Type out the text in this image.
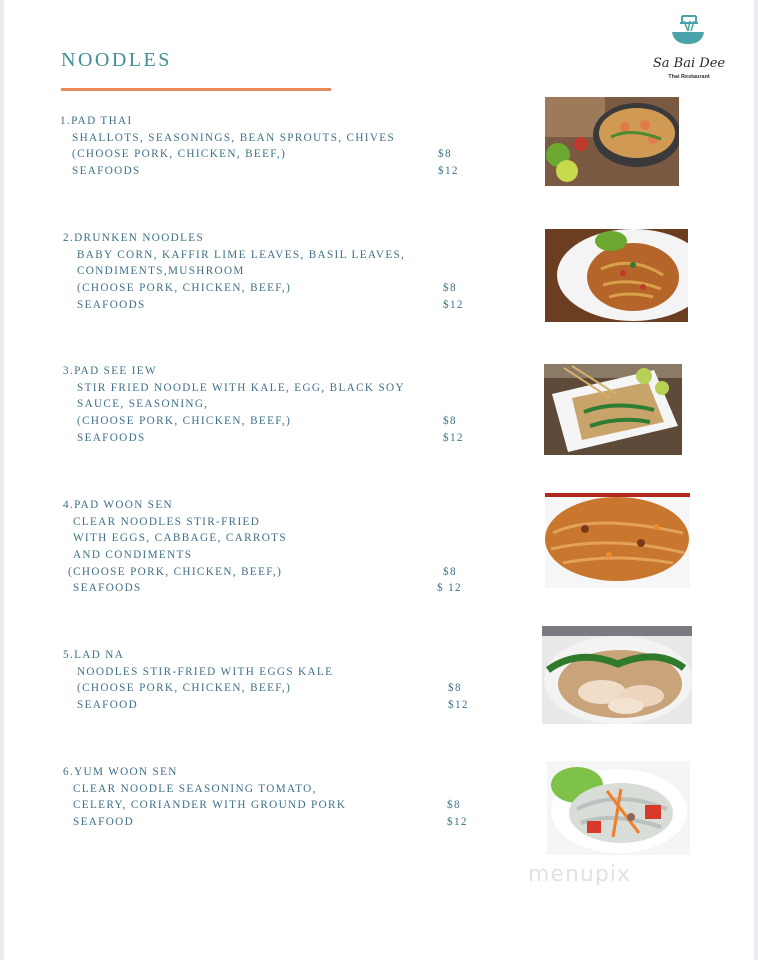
NOODLES	Sa Bai Dee
Thai Restaurant
1.PAD THAI
SHALLOTS, SEASONINGS, BEAN SPROUTS, CHIVES
(CHOOSE PORK, CHICKEN, BEEF,)	$8
SEAFOODS	$12
2.DRUNKEN NOODLES
BABY CORN, KAFFIR LIME LEAVES, BASIL LEAVES,
CONDIMENTS,MUSHROOM
(CHOOSE PORK, CHICKEN, BEEF,)	$8
SEAFOODS	$12
3.PAD SEE IEW
STIR FRIED NOODLE WITH KALE, EGG, BLACK SOY
SAUCE, SEASONING,
(CHOOSE PORK, CHICKEN, BEEF,)	$8
SEAFOODS	$12
4.PAD WOON SEN
CLEAR NOODLES STIR-FRIED
WITH EGGS, CABBAGE, CARROTS
AND CONDIMENTS
(CHOOSE PORK, CHICKEN, BEEF,)	$8
SEAFOODS	$ 12
5.LAD NA
NOODLES STIR-FRIED WITH EGGS KALE
(CHOOSE PORK, CHICKEN, BEEF,)	$8
SEAFOOD	$12
6.YUM WOON SEN
CLEAR NOODLE SEASONING TOMATO,
CELERY, CORIANDER WITH GROUND PORK	$8
SEAFOOD	$12
menupix
